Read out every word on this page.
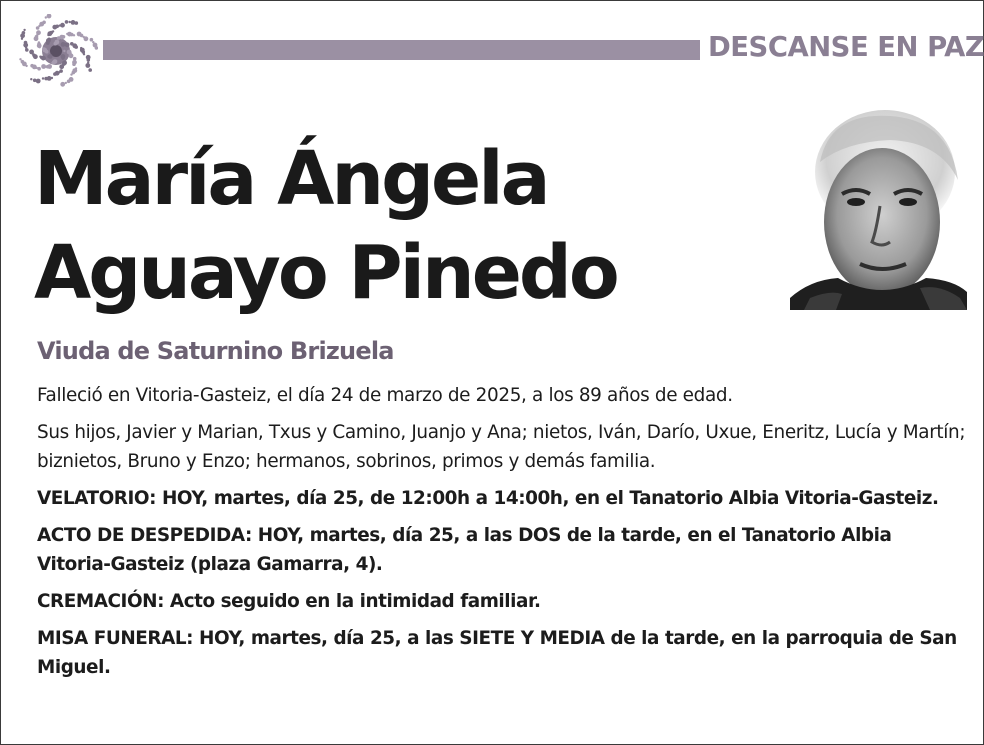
DESCANSE EN PAZ
María Ángela
Aguayo Pinedo
Viuda de Saturnino Brizuela

Falleció en Vitoria-Gasteiz, el día 24 de marzo de 2025, a los 89 años de edad.

Sus hijos, Javier y Marian, Txus y Camino, Juanjo y Ana; nietos, Iván, Darío, Uxue, Eneritz, Lucía y Martín; biznietos, Bruno y Enzo; hermanos, sobrinos, primos y demás familia.

VELATORIO: HOY, martes, día 25, de 12:00h a 14:00h, en el Tanatorio Albia Vitoria-Gasteiz.

ACTO DE DESPEDIDA: HOY, martes, día 25, a las DOS de la tarde, en el Tanatorio Albia Vitoria-Gasteiz (plaza Gamarra, 4).

CREMACIÓN: Acto seguido en la intimidad familiar.

MISA FUNERAL: HOY, martes, día 25, a las SIETE Y MEDIA de la tarde, en la parroquia de San Miguel.
